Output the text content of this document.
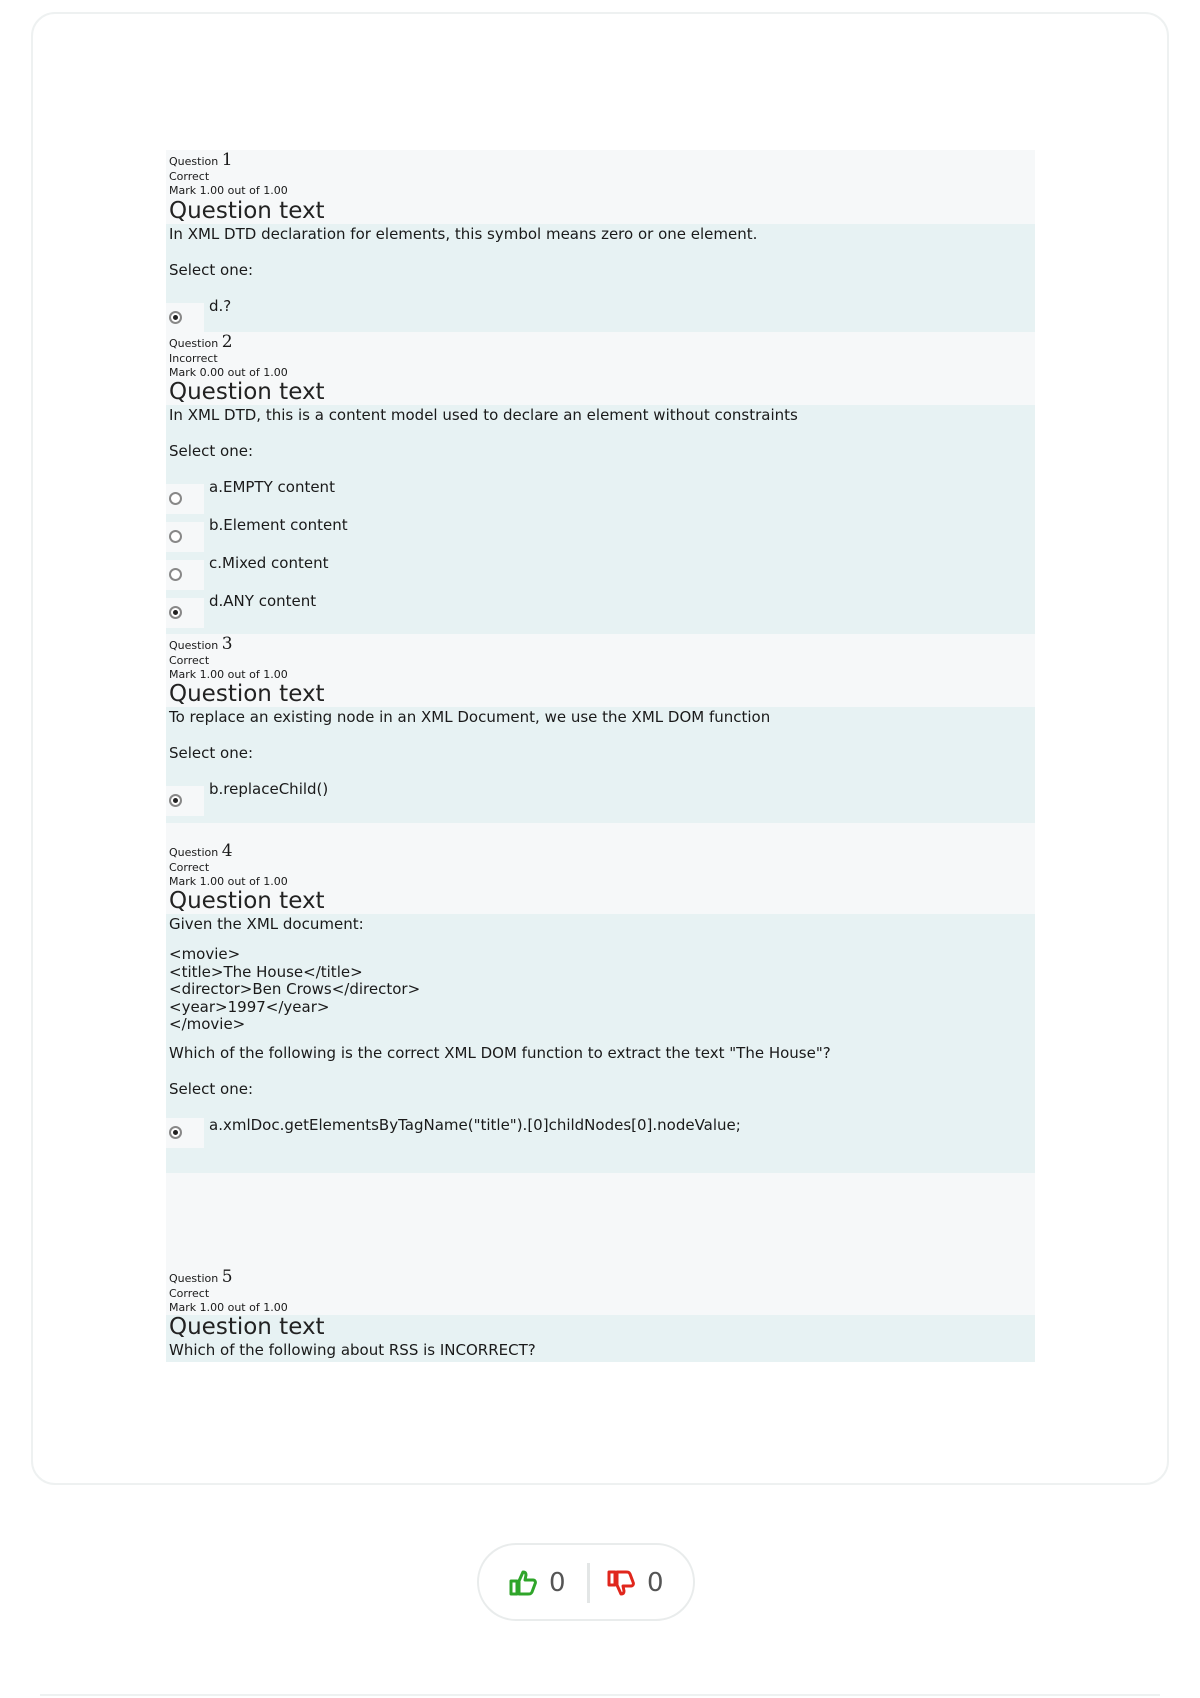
Question 1
Correct
Mark 1.00 out of 1.00
Question text

In XML DTD declaration for elements, this symbol means zero or one element.

Select one:

d.?
Question 2
Incorrect
Mark 0.00 out of 1.00
Question text

In XML DTD, this is a content model used to declare an element without constraints

Select one:

a.EMPTY content
b.Element content
c.Mixed content
d.ANY content
Question 3
Correct
Mark 1.00 out of 1.00
Question text

To replace an existing node in an XML Document, we use the XML DOM function

Select one:

b.replaceChild()
Question 4
Correct
Mark 1.00 out of 1.00
Question text

Given the XML document:

<movie>
<title>The House</title>
<director>Ben Crows</director>
<year>1997</year>
</movie>

Which of the following is the correct XML DOM function to extract the text "The House"?

Select one:

a.xmlDoc.getElementsByTagName("title").[0]childNodes[0].nodeValue;
Question 5
Correct
Mark 1.00 out of 1.00
Question text

Which of the following about RSS is INCORRECT?

0	0
